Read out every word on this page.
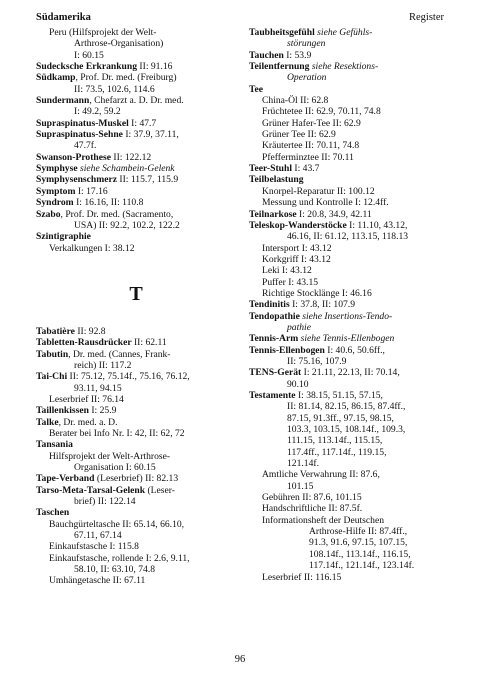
Südamerika	Register
Peru (Hilfsprojekt der Welt-
Arthrose-Organisation)
I: 60.15
Sudecksche Erkrankung II: 91.16
Südkamp, Prof. Dr. med. (Freiburg)
II: 73.5, 102.6, 114.6
Sundermann, Chefarzt a. D. Dr. med.
I: 49.2, 59.2
Supraspinatus-Muskel I: 47.7
Supraspinatus-Sehne I: 37.9, 37.11,
47.7f.
Swanson-Prothese II: 122.12
Symphyse siehe Schambein-Gelenk
Symphysenschmerz II: 115.7, 115.9
Symptom I: 17.16
Syndrom I: 16.16, II: 110.8
Szabo, Prof. Dr. med. (Sacramento,
USA) II: 92.2, 102.2, 122.2
Szintigraphie
Verkalkungen I: 38.12
T
Tabatière II: 92.8
Tabletten-Rausdrücker II: 62.11
Tabutin, Dr. med. (Cannes, Frank-
reich) II: 117.2
Tai-Chi II: 75.12, 75.14f., 75.16, 76.12,
93.11, 94.15
Leserbrief II: 76.14
Taillenkissen I: 25.9
Talke, Dr. med. a. D.
Berater bei Info Nr. I: 42, II: 62, 72
Tansania
Hilfsprojekt der Welt-Arthrose-
Organisation I: 60.15
Tape-Verband (Leserbrief) II: 82.13
Tarso-Meta-Tarsal-Gelenk (Leser-
brief) II: 122.14
Taschen
Bauchgürteltasche II: 65.14, 66.10,
67.11, 67.14
Einkaufstasche I: 115.8
Einkaufstasche, rollende I: 2.6, 9.11,
58.10, II: 63.10, 74.8
Umhängetasche II: 67.11
Taubheitsgefühl siehe Gefühls-
störungen
Tauchen I: 53.9
Teilentfernung siehe Resektions-
Operation
Tee
China-Öl II: 62.8
Früchtetee II: 62.9, 70.11, 74.8
Grüner Hafer-Tee II: 62.9
Grüner Tee II: 62.9
Kräutertee II: 70.11, 74.8
Pfefferminztee II: 70.11
Teer-Stuhl I: 43.7
Teilbelastung
Knorpel-Reparatur II: 100.12
Messung und Kontrolle I: 12.4ff.
Teilnarkose I: 20.8, 34.9, 42.11
Teleskop-Wanderstöcke I: 11.10, 43.12,
46.16, II: 61.12, 113.15, 118.13
Intersport I: 43.12
Korkgriff I: 43.12
Leki I: 43.12
Puffer I: 43.15
Richtige Stocklänge I: 46.16
Tendinitis I: 37.8, II: 107.9
Tendopathie siehe Insertions-Tendo-
pathie
Tennis-Arm siehe Tennis-Ellenbogen
Tennis-Ellenbogen I: 40.6, 50.6ff.,
II: 75.16, 107.9
TENS-Gerät I: 21.11, 22.13, II: 70.14,
90.10
Testamente I: 38.15, 51.15, 57.15,
II: 81.14, 82.15, 86.15, 87.4ff.,
87.15, 91.3ff., 97.15, 98.15,
103.3, 103.15, 108.14f., 109.3,
111.15, 113.14f., 115.15,
117.4ff., 117.14f., 119.15,
121.14f.
Amtliche Verwahrung II: 87.6,
101.15
Gebühren II: 87.6, 101.15
Handschriftliche II: 87.5f.
Informationsheft der Deutschen
Arthrose-Hilfe II: 87.4ff.,
91.3, 91.6, 97.15, 107.15,
108.14f., 113.14f., 116.15,
117.14f., 121.14f., 123.14f.
Leserbrief II: 116.15
96
